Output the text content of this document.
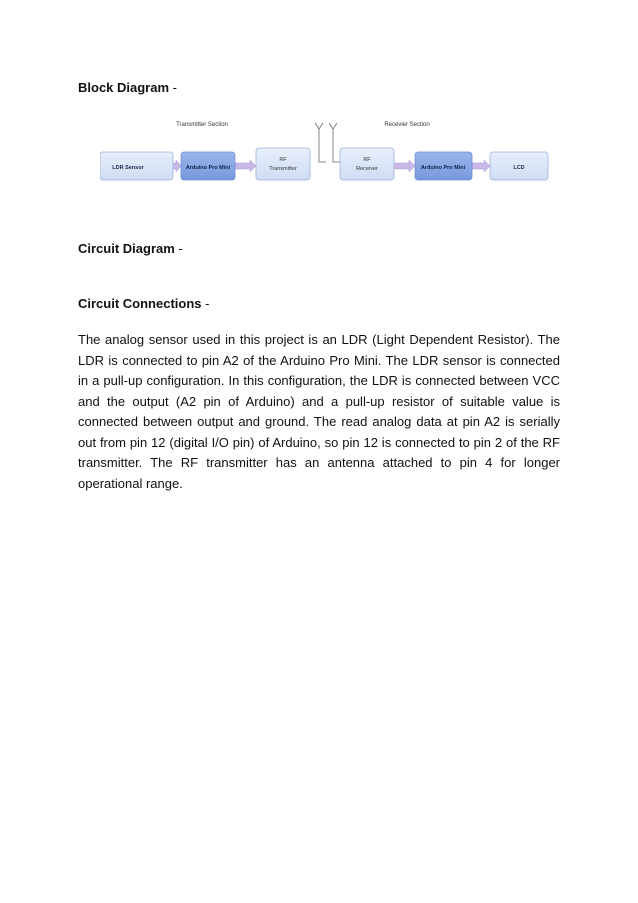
Block Diagram -

Transmitter Section	Recevier Section
LDR Sensor	Arduino Pro Mini
RF
Transmitter
RF
Receiver	Arduino Pro Mini	LCD

Circuit Diagram -

Circuit Connections -

The analog sensor used in this project is an LDR (Light Dependent Resistor). The LDR is connected to pin A2 of the Arduino Pro Mini. The LDR sensor is connected in a pull-up configuration. In this configuration, the LDR is connected between VCC and the output (A2 pin of Arduino) and a pull-up resistor of suitable value is connected between output and ground. The read analog data at pin A2 is serially out from pin 12 (digital I/O pin) of Arduino, so pin 12 is connected to pin 2 of the RF transmitter. The RF transmitter has an antenna attached to pin 4 for longer operational range.
